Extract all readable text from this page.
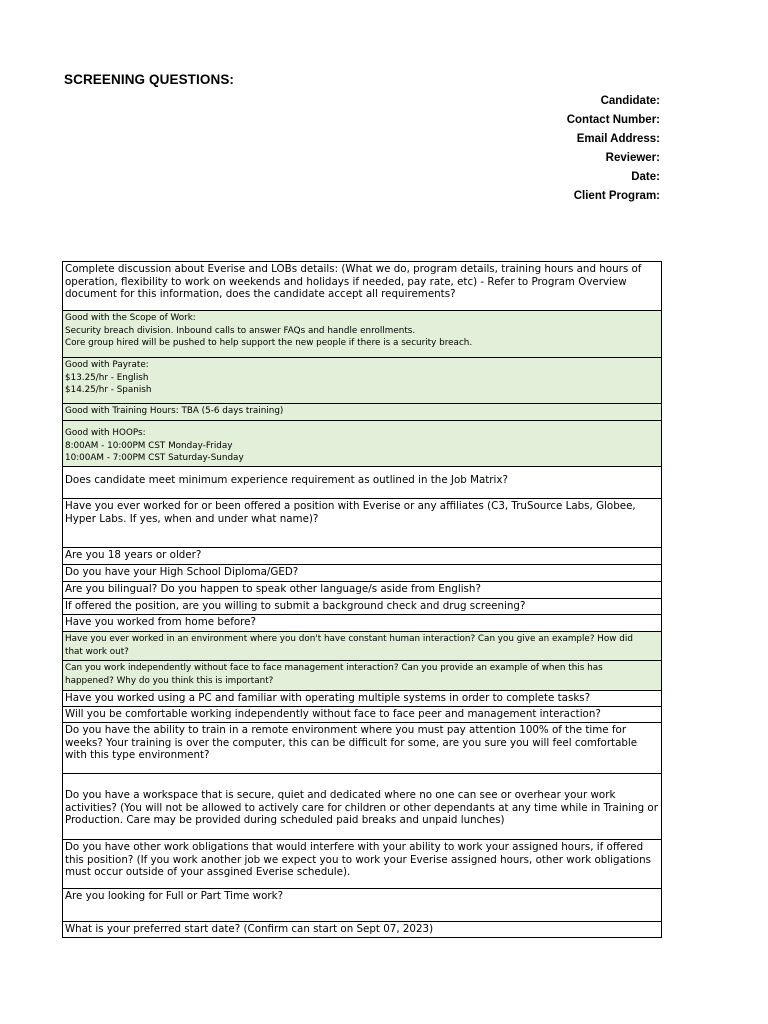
SCREENING QUESTIONS:
Candidate:
Contact Number:
Email Address:
Reviewer:
Date:
Client Program:
Complete discussion about Everise and LOBs details: (What we do, program details, training hours and hours of
operation, flexibility to work on weekends and holidays if needed, pay rate, etc) - Refer to Program Overview
document for this information, does the candidate accept all requirements?

Good with the Scope of Work:
Security breach division. Inbound calls to answer FAQs and handle enrollments.
Core group hired will be pushed to help support the new people if there is a security breach.

Good with Payrate:
$13.25/hr - English
$14.25/hr - Spanish

Good with Training Hours: TBA (5-6 days training)

Good with HOOPs:
8:00AM - 10:00PM CST Monday-Friday
10:00AM - 7:00PM CST Saturday-Sunday

Does candidate meet minimum experience requirement as outlined in the Job Matrix?

Have you ever worked for or been offered a position with Everise or any affiliates (C3, TruSource Labs, Globee,
Hyper Labs. If yes, when and under what name)?

Are you 18 years or older?

Do you have your High School Diploma/GED?

Are you bilingual? Do you happen to speak other language/s aside from English?

If offered the position, are you willing to submit a background check and drug screening?

Have you worked from home before?

Have you ever worked in an environment where you don't have constant human interaction? Can you give an example? How did
that work out?

Can you work independently without face to face management interaction? Can you provide an example of when this has
happened? Why do you think this is important?

Have you worked using a PC and familiar with operating multiple systems in order to complete tasks?

Will you be comfortable working independently without face to face peer and management interaction?

Do you have the ability to train in a remote environment where you must pay attention 100% of the time for
weeks? Your training is over the computer, this can be difficult for some, are you sure you will feel comfortable
with this type environment?

Do you have a workspace that is secure, quiet and dedicated where no one can see or overhear your work
activities? (You will not be allowed to actively care for children or other dependants at any time while in Training or
Production. Care may be provided during scheduled paid breaks and unpaid lunches)

Do you have other work obligations that would interfere with your ability to work your assigned hours, if offered
this position? (If you work another job we expect you to work your Everise assigned hours, other work obligations
must occur outside of your assgined Everise schedule).

Are you looking for Full or Part Time work?

What is your preferred start date? (Confirm can start on Sept 07, 2023)
